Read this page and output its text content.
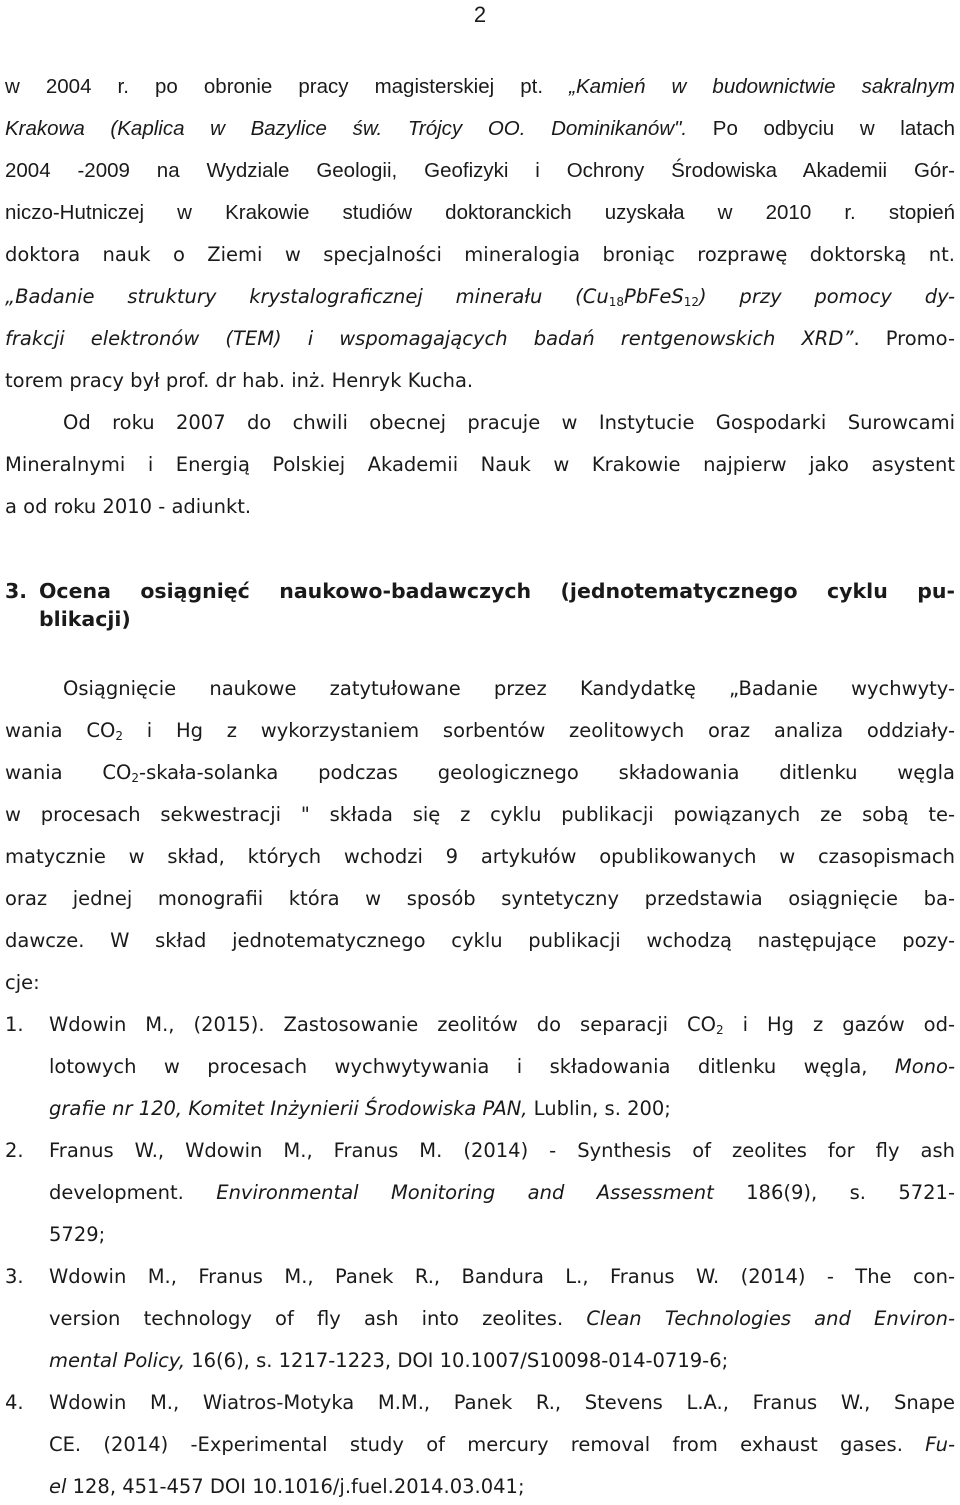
2
w 2004 r. po obronie pracy magisterskiej pt. „Kamień w budownictwie sakralnym
Krakowa (Kaplica w Bazylice św. Trójcy OO. Dominikanów". Po odbyciu w latach
2004 -2009 na Wydziale Geologii, Geofizyki i Ochrony Środowiska Akademii Gór-
niczo-Hutniczej w Krakowie studiów doktoranckich uzyskała w 2010 r. stopień
doktora nauk o Ziemi w specjalności mineralogia broniąc rozprawę doktorską nt.
„Badanie struktury krystalograficznej minerału $(Cu_{18}PbFeS_{12})$ przy pomocy dy-
frakcji elektronów (TEM) i wspomagających badań rentgenowskich XRD”. Promo-
torem pracy był prof. dr hab. inż. Henryk Kucha.
Od roku 2007 do chwili obecnej pracuje w Instytucie Gospodarki Surowcami
Mineralnymi i Energią Polskiej Akademii Nauk w Krakowie najpierw jako asystent
a od roku 2010 - adiunkt.
3. Ocena osiągnięć naukowo-badawczych (jednotematycznego cyklu pu-
blikacji)
Osiągnięcie naukowe zatytułowane przez Kandydatkę „Badanie wychwyty-
wania $CO_2$ i Hg z wykorzystaniem sorbentów zeolitowych oraz analiza oddziały-
wania $CO_2-skała$-solanka podczas geologicznego składowania ditlenku węgla
w procesach sekwestracji " składa się z cyklu publikacji powiązanych ze sobą te-
matycznie w skład, których wchodzi 9 artykułów opublikowanych w czasopismach
oraz jednej monografii która w sposób syntetyczny przedstawia osiągnięcie ba-
dawcze. W skład jednotematycznego cyklu publikacji wchodzą następujące pozy-
cje:
1. Wdowin M., (2015). Zastosowanie zeolitów do separacji $CO_2$ i Hg z gazów od-
lotowych w procesach wychwytywania i składowania ditlenku węgla, Mono-
grafie nr 120, Komitet Inżynierii Środowiska PAN, Lublin, s. 200;
2. Franus W., Wdowin M., Franus M. (2014) - Synthesis of zeolites for fly ash
development. Environmental Monitoring and Assessment 186(9), s. 5721-
5729;
3. Wdowin M., Franus M., Panek R., Bandura L., Franus W. (2014) - The con-
version technology of fly ash into zeolites. Clean Technologies and Environ-
mental Policy, 16(6), s. 1217-1223, DOI 10.1007/S10098-014-0719-6;
4. Wdowin M., Wiatros-Motyka M.M., Panek R., Stevens L.A., Franus W., Snape
CE. (2014) -Experimental study of mercury removal from exhaust gases. Fu-
el 128, 451-457 DOI 10.1016/j.fuel.2014.03.041;
